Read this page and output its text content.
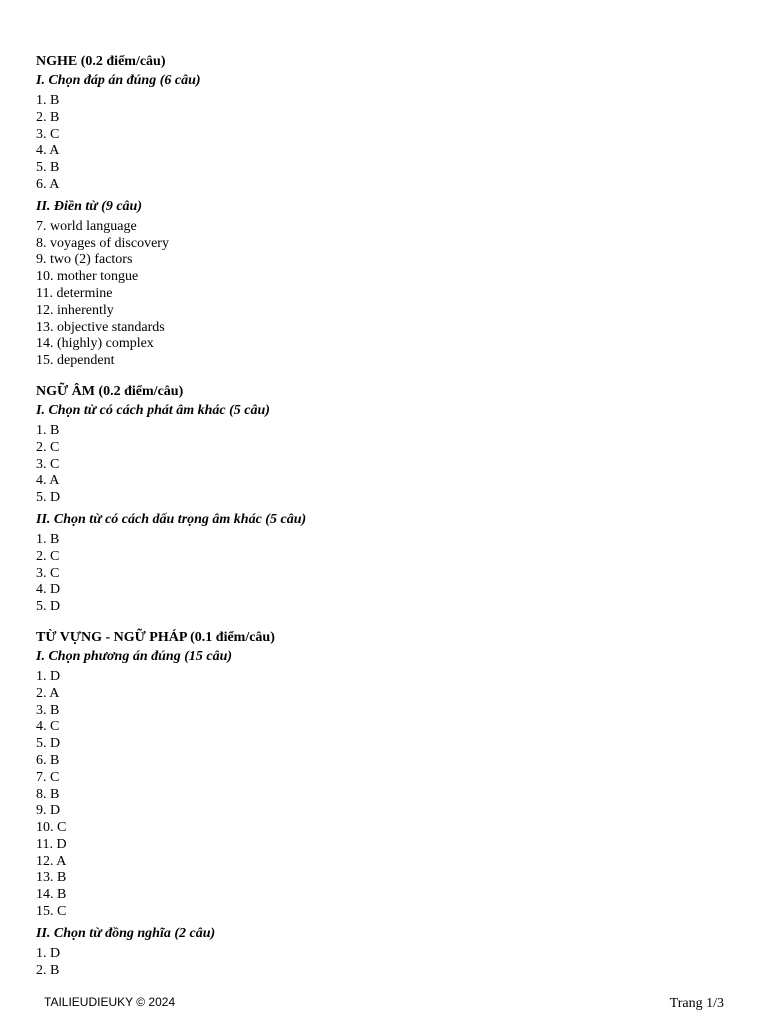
NGHE (0.2 điểm/câu)

I. Chọn đáp án đúng (6 câu)

1. B

2. B

3. C

4. A

5. B

6. A

II. Điền từ (9 câu)

7. world language

8. voyages of discovery

9. two (2) factors

10. mother tongue

11. determine

12. inherently

13. objective standards

14. (highly) complex

15. dependent

NGỮ ÂM (0.2 điểm/câu)

I. Chọn từ có cách phát âm khác (5 câu)

1. B

2. C

3. C

4. A

5. D

II. Chọn từ có cách dấu trọng âm khác (5 câu)

1. B

2. C

3. C

4. D

5. D

TỪ VỰNG - NGỮ PHÁP (0.1 điểm/câu)

I. Chọn phương án đúng (15 câu)

1. D

2. A

3. B

4. C

5. D

6. B

7. C

8. B

9. D

10. C

11. D

12. A

13. B

14. B

15. C

II. Chọn từ đồng nghĩa (2 câu)

1. D

2. B

TAILIEUDIEUKY © 2024	Trang 1/3
